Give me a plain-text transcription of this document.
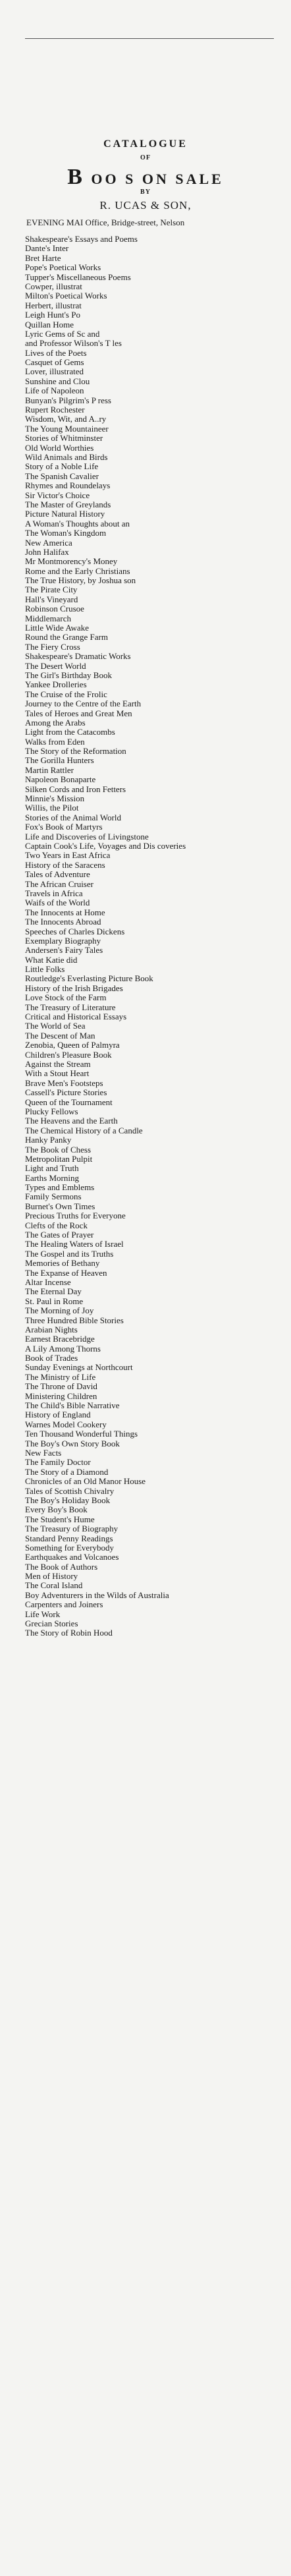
CATALOGUE
OF
B OO S ON SALE
BY
R. UCAS & SON,
EVENING MAI Office, Bridge-street, Nelson
Shakespeare's Essays and Poems
Dante's Inter
Bret Harte
Pope's Poetical Works
Tupper's Miscellaneous Poems
Cowper, illustrat
Milton's Poetical Works
Herbert, illustrat
Leigh Hunt's Po
Quillan Home
Lyric Gems of Sc and
and Professor Wilson's T les
Lives of the Poets
Casquet of Gems
Lover, illustrated
Sunshine and Clou
Life of Napoleon
Bunyan's Pilgrim's P ress
Rupert Rochester
Wisdom, Wit, and A..ry
The Young Mountaineer
Stories of Whitminster
Old World Worthies
Wild Animals and Birds
Story of a Noble Life
The Spanish Cavalier
Rhymes and Roundelays
Sir Victor's Choice
The Master of Greylands
Picture Natural History
A Woman's Thoughts about an
The Woman's Kingdom
New America
John Halifax
Mr Montmorency's Money
Rome and the Early Christians
The True History, by Joshua son
The Pirate City
Hall's Vineyard
Robinson Crusoe
Middlemarch
Little Wide Awake
Round the Grange Farm
The Fiery Cross
Shakespeare's Dramatic Works
The Desert World
The Girl's Birthday Book
Yankee Drolleries
The Cruise of the Frolic
Journey to the Centre of the Earth
Tales of Heroes and Great Men
Among the Arabs
Light from the Catacombs
Walks from Eden
The Story of the Reformation
The Gorilla Hunters
Martin Rattler
Napoleon Bonaparte
Silken Cords and Iron Fetters
Minnie's Mission
Willis, the Pilot
Stories of the Animal World
Fox's Book of Martyrs
Life and Discoveries of Livingstone
Captain Cook's Life, Voyages and Dis coveries
Two Years in East Africa
History of the Saracens
Tales of Adventure
The African Cruiser
Travels in Africa
Waifs of the World
The Innocents at Home
The Innocents Abroad
Speeches of Charles Dickens
Exemplary Biography
Andersen's Fairy Tales
What Katie did
Little Folks
Routledge's Everlasting Picture Book
History of the Irish Brigades
Love Stock of the Farm
The Treasury of Literature
Critical and Historical Essays
The World of Sea
The Descent of Man
Zenobia, Queen of Palmyra
Children's Pleasure Book
Against the Stream
With a Stout Heart
Brave Men's Footsteps
Cassell's Picture Stories
Queen of the Tournament
Plucky Fellows
The Heavens and the Earth
The Chemical History of a Candle
Hanky Panky
The Book of Chess
Metropolitan Pulpit
Light and Truth
Earths Morning
Types and Emblems
Family Sermons
Burnet's Own Times
Precious Truths for Everyone
Clefts of the Rock
The Gates of Prayer
The Healing Waters of Israel
The Gospel and its Truths
Memories of Bethany
The Expanse of Heaven
Altar Incense
The Eternal Day
St. Paul in Rome
The Morning of Joy
Three Hundred Bible Stories
Arabian Nights
Earnest Bracebridge
A Lily Among Thorns
Book of Trades
Sunday Evenings at Northcourt
The Ministry of Life
The Throne of David
Ministering Children
The Child's Bible Narrative
History of England
Warnes Model Cookery
Ten Thousand Wonderful Things
The Boy's Own Story Book
New Facts
The Family Doctor
The Story of a Diamond
Chronicles of an Old Manor House
Tales of Scottish Chivalry
The Boy's Holiday Book
Every Boy's Book
The Student's Hume
The Treasury of Biography
Standard Penny Readings
Something for Everybody
Earthquakes and Volcanoes
The Book of Authors
Men of History
The Coral Island
Boy Adventurers in the Wilds of Australia
Carpenters and Joiners
Life Work
Grecian Stories
The Story of Robin Hood
